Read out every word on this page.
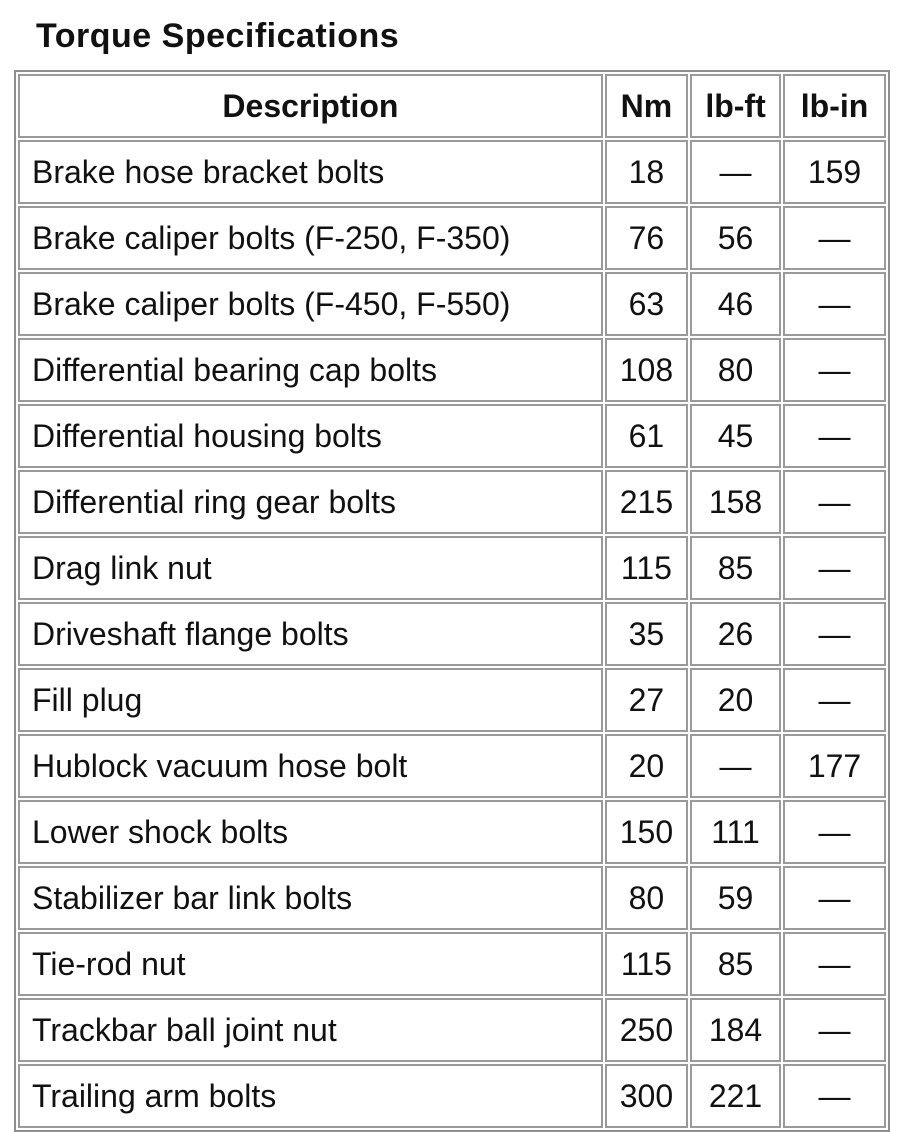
Torque Specifications
Description	Nm	lb-ft	lb-in
Brake hose bracket bolts	18	—	159
Brake caliper bolts (F-250, F-350)	76	56	—
Brake caliper bolts (F-450, F-550)	63	46	—
Differential bearing cap bolts	108	80	—
Differential housing bolts	61	45	—
Differential ring gear bolts	215	158	—
Drag link nut	115	85	—
Driveshaft flange bolts	35	26	—
Fill plug	27	20	—
Hublock vacuum hose bolt	20	—	177
Lower shock bolts	150	111	—
Stabilizer bar link bolts	80	59	—
Tie-rod nut	115	85	—
Trackbar ball joint nut	250	184	—
Trailing arm bolts	300	221	—
